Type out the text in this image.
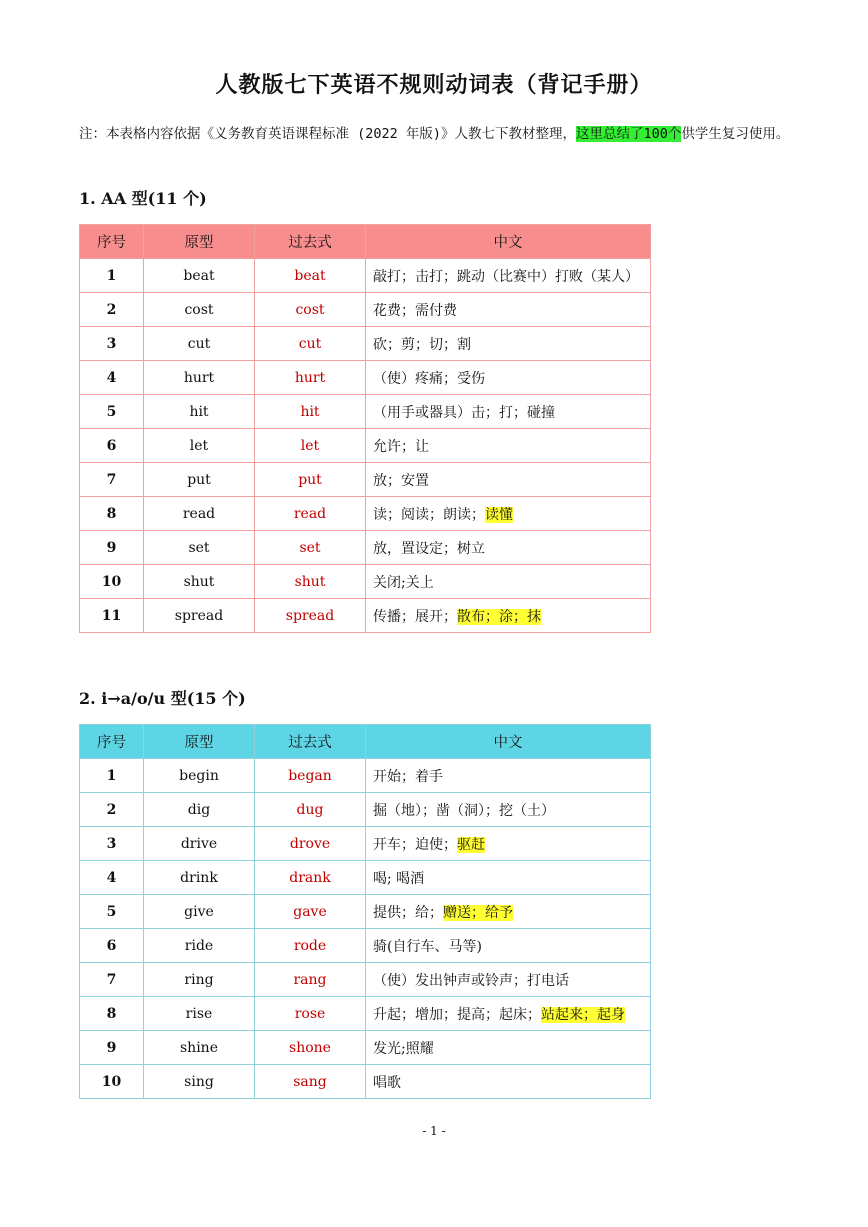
人教版七下英语不规则动词表（背记手册）
注：本表格内容依据《义务教育英语课程标准 (2022 年版)》人教七下教材整理，这里总结了100个供学生复习使用。
1. AA 型(11 个)
序号	原型	过去式	中文
1	beat	beat	敲打；击打；跳动（比赛中）打败（某人）
2	cost	cost	花费；需付费
3	cut	cut	砍；剪；切；割
4	hurt	hurt	（使）疼痛；受伤
5	hit	hit	（用手或器具）击；打；碰撞
6	let	let	允许；让
7	put	put	放；安置
8	read	read	读；阅读；朗读；读懂
9	set	set	放，置设定；树立
10	shut	shut	关闭;关上
11	spread	spread	传播；展开；散布；涂；抹
2. i→a/o/u 型(15 个)
序号	原型	过去式	中文
1	begin	began	开始；着手
2	dig	dug	掘（地）；凿（洞）；挖（土）
3	drive	drove	开车；迫使；驱赶
4	drink	drank	喝; 喝酒
5	give	gave	提供；给；赠送；给予
6	ride	rode	骑(自行车、马等)
7	ring	rang	（使）发出钟声或铃声；打电话
8	rise	rose	升起；增加；提高；起床；站起来；起身
9	shine	shone	发光;照耀
10	sing	sang	唱歌
- 1 -
